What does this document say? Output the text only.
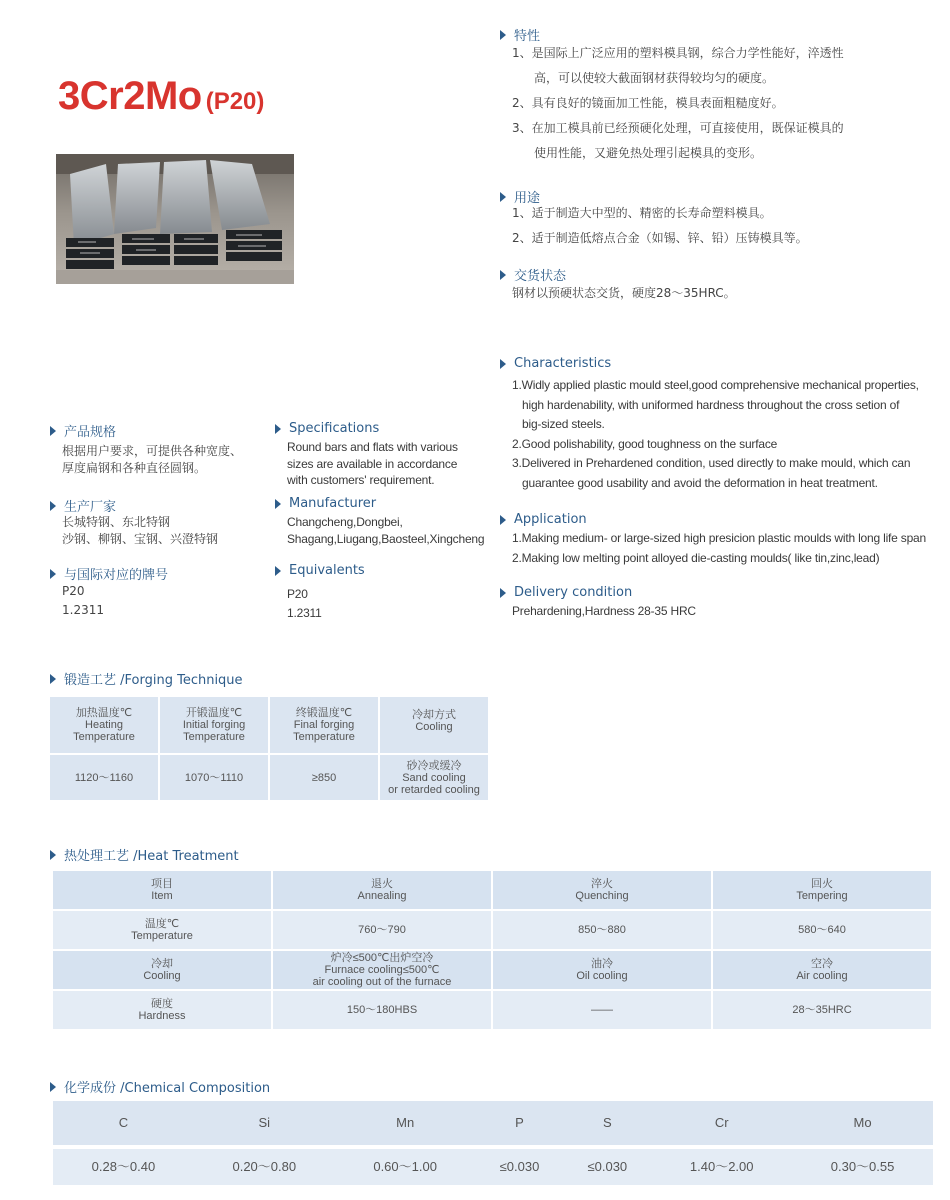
3Cr2Mo (P20)
特性
1、是国际上广泛应用的塑料模具钢，综合力学性能好，淬透性
高，可以使较大截面钢材获得较均匀的硬度。
2、具有良好的镜面加工性能，模具表面粗糙度好。
3、在加工模具前已经预硬化处理，可直接使用，既保证模具的
使用性能，又避免热处理引起模具的变形。
用途
1、适于制造大中型的、精密的长寿命塑料模具。
2、适于制造低熔点合金（如锡、锌、铅）压铸模具等。
交货状态
钢材以预硬状态交货，硬度28～35HRC。
Characteristics
1.Widly applied plastic mould steel,good comprehensive mechanical properties,
high hardenability, with uniformed hardness throughout the cross setion of
big-sized steels.
2.Good polishability, good toughness on the surface
3.Delivered in Prehardened condition, used directly to make mould, which can
guarantee good usability and avoid the deformation in heat treatment.
Application
1.Making medium- or large-sized high presicion plastic moulds with long life span
2.Making low melting point alloyed die-casting moulds( like tin,zinc,lead)
Delivery condition
Prehardening,Hardness 28-35 HRC
产品规格
根据用户要求，可提供各种宽度、
厚度扁钢和各种直径圆钢。
Specifications
Round bars and flats with various
sizes are available in accordance
with customers' requirement.
生产厂家
长城特钢、东北特钢
沙钢、柳钢、宝钢、兴澄特钢
Manufacturer
Changcheng,Dongbei,
Shagang,Liugang,Baosteel,Xingcheng
与国际对应的牌号
P20
1.2311
Equivalents
P20
1.2311
锻造工艺 /Forging Technique
加热温度℃
Heating
Temperature	开锻温度℃
Initial forging
Temperature	终锻温度℃
Final forging
Temperature	冷却方式
Cooling

1120～1160	1070～1110	≥850	砂冷或缓冷
Sand cooling
or retarded cooling
热处理工艺 /Heat Treatment
项目
Item	退火
Annealing	淬火
Quenching	回火
Tempering

温度℃
Temperature	760～790	850～880	580～640

冷却
Cooling	炉冷≤500℃出炉空冷
Furnace cooling≤500℃
air cooling out of the furnace	油冷
Oil cooling	空冷
Air cooling

硬度
Hardness	150～180HBS	——	28～35HRC
化学成份 /Chemical Composition
C	Si	Mn	P	S	Cr	Mo

0.28～0.40	0.20～0.80	0.60～1.00	≤0.030	≤0.030	1.40～2.00	0.30～0.55
